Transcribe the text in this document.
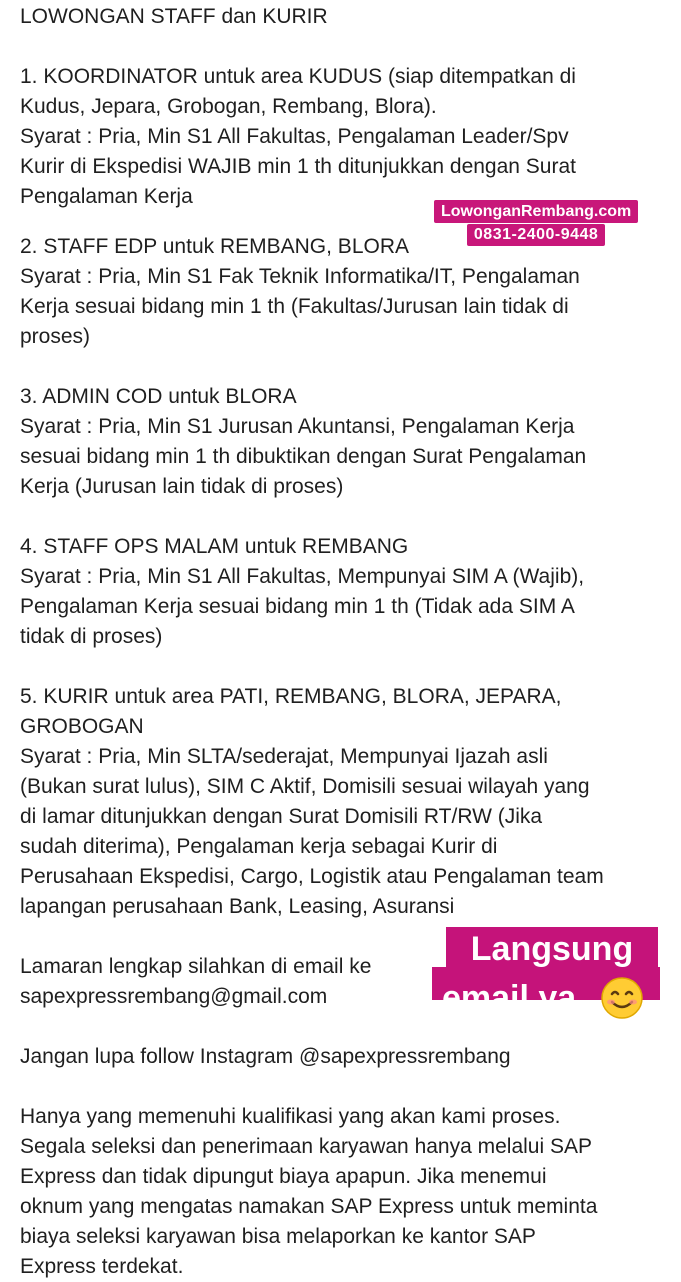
LOWONGAN STAFF dan KURIR

1. KOORDINATOR untuk area KUDUS (siap ditempatkan di

Kudus, Jepara, Grobogan, Rembang, Blora).

Syarat : Pria, Min S1 All Fakultas, Pengalaman Leader/Spv

Kurir di Ekspedisi WAJIB min 1 th ditunjukkan dengan Surat

Pengalaman Kerja

2. STAFF EDP untuk REMBANG, BLORA

Syarat : Pria, Min S1 Fak Teknik Informatika/IT, Pengalaman

Kerja sesuai bidang min 1 th (Fakultas/Jurusan lain tidak di

proses)

3. ADMIN COD untuk BLORA

Syarat : Pria, Min S1 Jurusan Akuntansi, Pengalaman Kerja

sesuai bidang min 1 th dibuktikan dengan Surat Pengalaman

Kerja (Jurusan lain tidak di proses)

4. STAFF OPS MALAM untuk REMBANG

Syarat : Pria, Min S1 All Fakultas, Mempunyai SIM A (Wajib),

Pengalaman Kerja sesuai bidang min 1 th (Tidak ada SIM A

tidak di proses)

5. KURIR untuk area PATI, REMBANG, BLORA, JEPARA,

GROBOGAN

Syarat : Pria, Min SLTA/sederajat, Mempunyai Ijazah asli

(Bukan surat lulus), SIM C Aktif, Domisili sesuai wilayah yang

di lamar ditunjukkan dengan Surat Domisili RT/RW (Jika

sudah diterima), Pengalaman kerja sebagai Kurir di

Perusahaan Ekspedisi, Cargo, Logistik atau Pengalaman team

lapangan perusahaan Bank, Leasing, Asuransi

Lamaran lengkap silahkan di email ke

sapexpressrembang@gmail.com

Jangan lupa follow Instagram @sapexpressrembang

Hanya yang memenuhi kualifikasi yang akan kami proses.

Segala seleksi dan penerimaan karyawan hanya melalui SAP

Express dan tidak dipungut biaya apapun. Jika menemui

oknum yang mengatas namakan SAP Express untuk meminta

biaya seleksi karyawan bisa melaporkan ke kantor SAP

Express terdekat.

LowonganRembang.com
0831-2400-9448
Langsung
email ya
